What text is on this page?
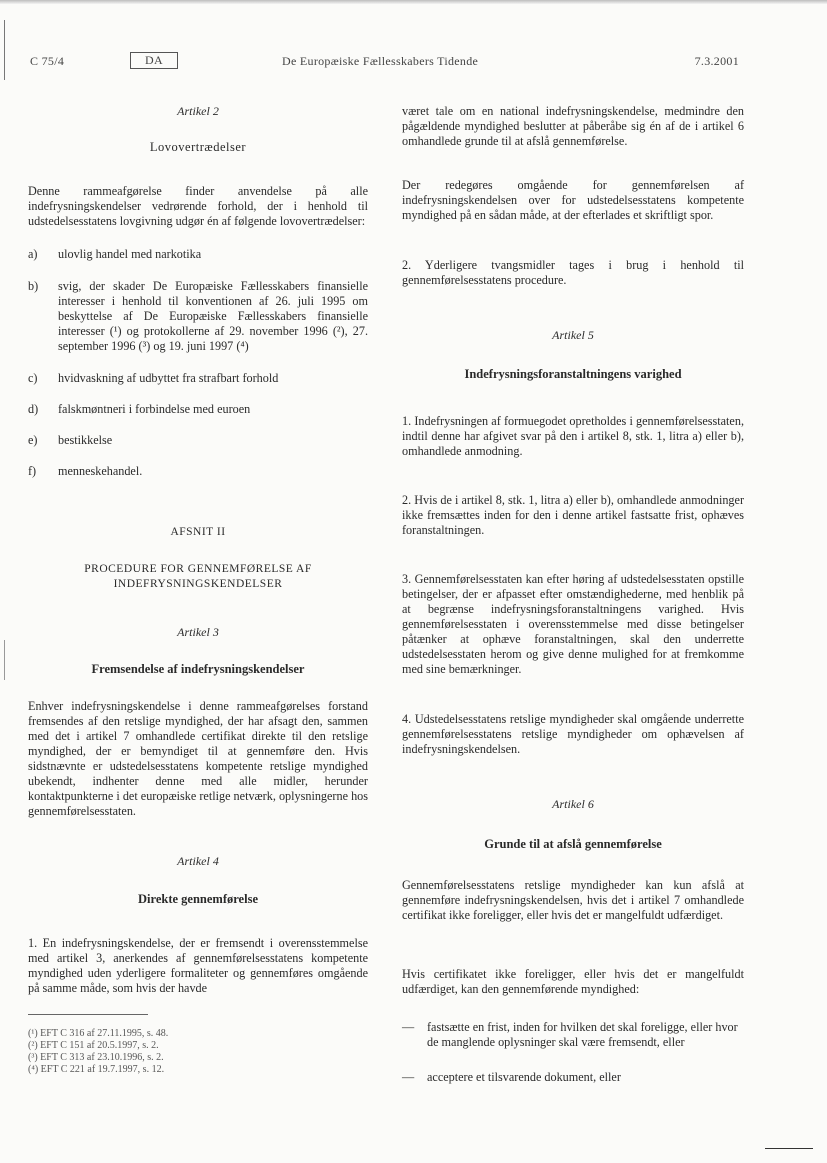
C 75/4	DA	De Europæiske Fællesskabers Tidende	7.3.2001
Artikel 2
Lovovertrædelser

Denne rammeafgørelse finder anvendelse på alle indefrysningskendelser vedrørende forhold, der i henhold til udstedelsesstatens lovgivning udgør én af følgende lovovertrædelser:

a) ulovlig handel med narkotika
b) svig, der skader De Europæiske Fællesskabers finansielle interesser i henhold til konventionen af 26. juli 1995 om beskyttelse af De Europæiske Fællesskabers finansielle interesser (¹) og protokollerne af 29. november 1996 (²), 27. september 1996 (³) og 19. juni 1997 (⁴)
c) hvidvaskning af udbyttet fra strafbart forhold
d) falskmøntneri i forbindelse med euroen
e) bestikkelse
f) menneskehandel.
AFSNIT II
PROCEDURE FOR GENNEMFØRELSE AF INDEFRYSNINGSKENDELSER
Artikel 3
Fremsendelse af indefrysningskendelser

Enhver indefrysningskendelse i denne rammeafgørelses forstand fremsendes af den retslige myndighed, der har afsagt den, sammen med det i artikel 7 omhandlede certifikat direkte til den retslige myndighed, der er bemyndiget til at gennemføre den. Hvis sidstnævnte er udstedelsesstatens kompetente retslige myndighed ubekendt, indhenter denne med alle midler, herunder kontaktpunkterne i det europæiske retlige netværk, oplysningerne hos gennemførelsesstaten.

Artikel 4
Direkte gennemførelse

1. En indefrysningskendelse, der er fremsendt i overensstemmelse med artikel 3, anerkendes af gennemførelsesstatens kompetente myndighed uden yderligere formaliteter og gennemføres omgående på samme måde, som hvis der havde

(¹) EFT C 316 af 27.11.1995, s. 48.
(²) EFT C 151 af 20.5.1997, s. 2.
(³) EFT C 313 af 23.10.1996, s. 2.
(⁴) EFT C 221 af 19.7.1997, s. 12.

været tale om en national indefrysningskendelse, medmindre den pågældende myndighed beslutter at påberåbe sig én af de i artikel 6 omhandlede grunde til at afslå gennemførelse.

Der redegøres omgående for gennemførelsen af indefrysningskendelsen over for udstedelsesstatens kompetente myndighed på en sådan måde, at der efterlades et skriftligt spor.

2. Yderligere tvangsmidler tages i brug i henhold til gennemførelsesstatens procedure.

Artikel 5
Indefrysningsforanstaltningens varighed

1. Indefrysningen af formuegodet opretholdes i gennemførelsesstaten, indtil denne har afgivet svar på den i artikel 8, stk. 1, litra a) eller b), omhandlede anmodning.

2. Hvis de i artikel 8, stk. 1, litra a) eller b), omhandlede anmodninger ikke fremsættes inden for den i denne artikel fastsatte frist, ophæves foranstaltningen.

3. Gennemførelsesstaten kan efter høring af udstedelsesstaten opstille betingelser, der er afpasset efter omstændighederne, med henblik på at begrænse indefrysningsforanstaltningens varighed. Hvis gennemførelsesstaten i overensstemmelse med disse betingelser påtænker at ophæve foranstaltningen, skal den underrette udstedelsesstaten herom og give denne mulighed for at fremkomme med sine bemærkninger.

4. Udstedelsesstatens retslige myndigheder skal omgående underrette gennemførelsesstatens retslige myndigheder om ophævelsen af indefrysningskendelsen.

Artikel 6
Grunde til at afslå gennemførelse

Gennemførelsesstatens retslige myndigheder kan kun afslå at gennemføre indefrysningskendelsen, hvis det i artikel 7 omhandlede certifikat ikke foreligger, eller hvis det er mangelfuldt udfærdiget.

Hvis certifikatet ikke foreligger, eller hvis det er mangelfuldt udfærdiget, kan den gennemførende myndighed:

— fastsætte en frist, inden for hvilken det skal foreligge, eller hvor de manglende oplysninger skal være fremsendt, eller
— acceptere et tilsvarende dokument, eller
